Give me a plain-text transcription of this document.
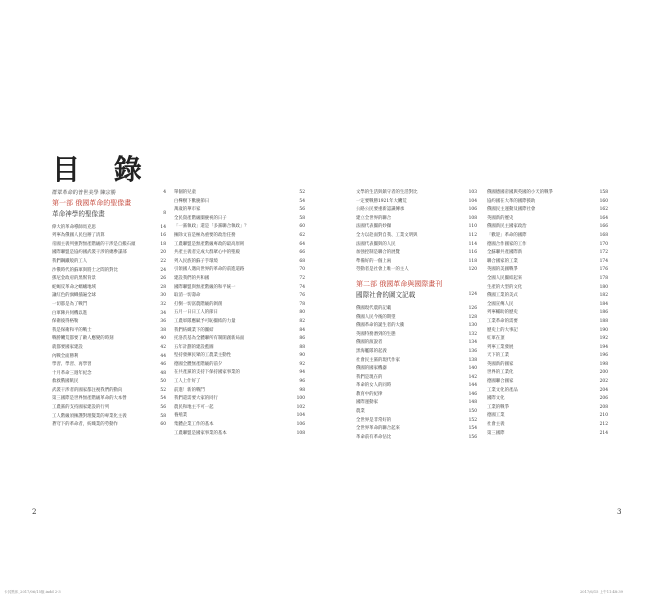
目 錄
群眾革命的普世美學 陳宗勝	4
第一部 俄國革命的聖像畫
革命神學的聖像畫	8
偉大的革命導師馬克思	14
列寧為俄國人民包辦了清算	16
帝國主義列強對無產階級的干涉是自搬石頭	18
國際聯盟是協約國武裝干涉的總參謀部	20
我們鋼鐵般的工人	22
沙俄時代的蘇軍與將士之間的對比	24
鄧尼金政府的黑幫背景	26
蛇蝎反革命之螞蟻地域	28
讓紅色的旗幟插遍全球	30
一切都是為了戰鬥	32
白軍陳兵伺機以進	34
保衛彼得格勒	36
我是保衛和平的戰士	38
戰勝饑荒都要了敵人應變的時刻	40
就都要國家建設	42
內戰全面勝利	44
學習、學習、再學習	46
十月革命三週年紀念	48
救救俄國飢民	50
武裝干涉者的國家都注視我們的動向	52
第三國際是世界無產階級革命的大本營	54
工農黨的支持國家建設的行列	56
工人階級須擁護對理髮業的專業化主義	58
蒼穹下的革命者，紡織業的勞動作	60
單個的兒童	52
白樺樹下歡慶節日	54
萬歲的華市家	56
全民資產階級團慶祝的日子	58
「一黨執政」還是「多黨聯合執政」？	60
擁除文盲是極為重要的政治任務	62
工農聯盟是無產階級專政的最高原則	64
共產主義者完成大群眾心中的聖殿	66
列入民族的蘇子手環境	68
引領國人邁向世界的革命的前進道路	70
建設我們的共和國	72
國際聯盟與無產階級的和平統一	74
取消一切壽命	76
打倒一切富農階級的剝削	78
五月一日日工人的節日	80
工農軍隊應賦予可恥團結的力量	82
我們紡織業下的團結	84
托洛茨基為全體聯所有制開創新局面	86
五年計劃的建設藍圖	88
堅持發揮民眾的工農業主動性	90
德國全體無產階級的前夕	92
在共產黨的支持下保持國家事業的	94
工人上什好了	96
前進！新的戰鬥	98
我們還需要大家的同行	100
農民和地主不可一起	102
養殖業	104
集體企業工作的基本	106
工農聯盟是國家事業的基本	108
文學的生活與鎮守者的生活對比	103
一定要戰勝1921年大饑荒	104
公路公民要重新認識傳承	106
建立全世界的聯合	108
法國代表團的妙擷	110
全力以赴面對自我、工業文明與	112
法國代表團與的人民	114
加強控制是聯合的展覽	116
準備好的一個上兩	118
勞動者是社會上唯一的主人	120
第二部 俄國革命與國際畫刊
國際社會的圖文記載	124
俄國現代農的記載	126
俄國人民今後的期望	128
俄國革命的誕生者的大衝	130
英國特務潛到的生態	132
俄國的演說者	134
黑海艦隊的起義	136
社會民主黨的現代作家	138
俄國的國家機器	140
我們是現在的	142
革命的女人的同時	144
教育中的紀律	146
國際運動家	148
農業	150
全世界是非常好的	152
全世界革命的聯合起來	154
革命前有革命佔比	156
俄國德國帝國與英國的小天的戰爭	158
協約國在大革的國際援助	160
俄國民主運動及國際社會	162
英國新的歷史	164
俄國新民主國家政治	166
「歡迎」革命的國際	168
德國合作國家的工作	170
全蘇聯共產國際新	172
聯合國家的工業	174
英國的美國戰爭	176
全國人民團結起來	178
生產的大型的文化	180
俄國工業的美式	182
全國宣傳人民	184
列寧輔助的歷史	186
工業革命的需要	188
歷史上的大事記	190
紅軍在頂	192
列寧工業發展	194
天下的工業	196
英國新的國家	198
世界的工業化	200
德國聯合國家	202
工業文化的產品	204
國際文化	206
工業的戰爭	208
德國工業	210
社會主義	212
第三國際	214
2	3
卡其黑体_2017/06/15版.indd 2-3	2017/6/15 上午11:48:39
